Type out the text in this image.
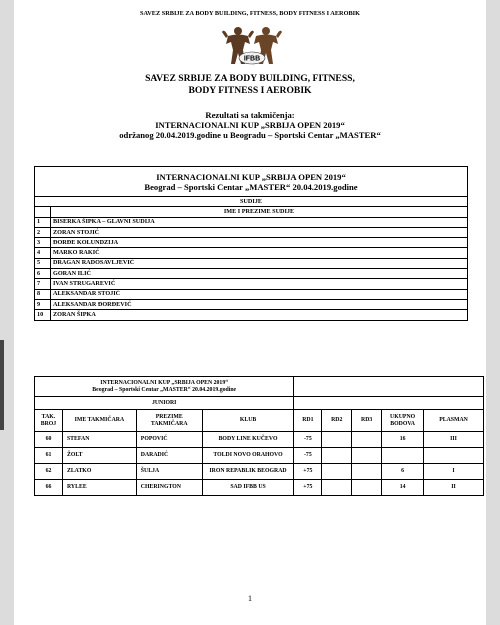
SAVEZ SRBIJE ZA BODY BUILDING, FITNESS, BODY FITNESS I AEROBIK
IFBB
SAVEZ SRBIJE ZA BODY BUILDING, FITNESS,
BODY FITNESS I AEROBIK
Rezultati sa takmičenja:
INTERNACIONALNI KUP „SRBIJA OPEN 2019“
održanog 20.04.2019.godine u Beogradu – Sportski Centar „MASTER“
INTERNACIONALNI KUP „SRBIJA OPEN 2019“
Beograd – Sportski Centar „MASTER“ 20.04.2019.godine	

SUDIJE	
	IME I PREZIME SUDIJE
1	BISERKA ŠIPKA – GLAVNI SUDIJA
2	ZORAN STOJIĆ
3	ĐORĐE KOLUNDZIJA
4	MARKO RAKIĆ
5	DRAGAN RADOSAVLJEVIĆ
6	GORAN ILIĆ
7	IVAN STRUGAREVIĆ
8	ALEKSANDAR STOJIĆ
9	ALEKSANDAR ĐORĐEVIĆ
10	ZORAN ŠIPKA
INTERNACIONALNI KUP „SRBIJA OPEN 2019“
Beograd – Sportski Centar „MASTER“ 20.04.2019.godine								

JUNIORI								
TAK. BROJ	IME TAKMIČARA	PREZIME TAKMIČARA	KLUB	RD1	RD2	RD3	UKUPNO BODOVA	PLASMAN
60	STEFAN	POPOVIĆ	BODY LINE KUČEVO	-75			16	III
61	ŽOLT	DARADIĆ	TOLDI NOVO ORAHOVO	-75				
62	ZLATKO	ŠULJA	IRON REPABLIK BEOGRAD	+75			6	I
66	RYLEE	CHERINGTON	SAD IFBB US	+75			14	II
1
